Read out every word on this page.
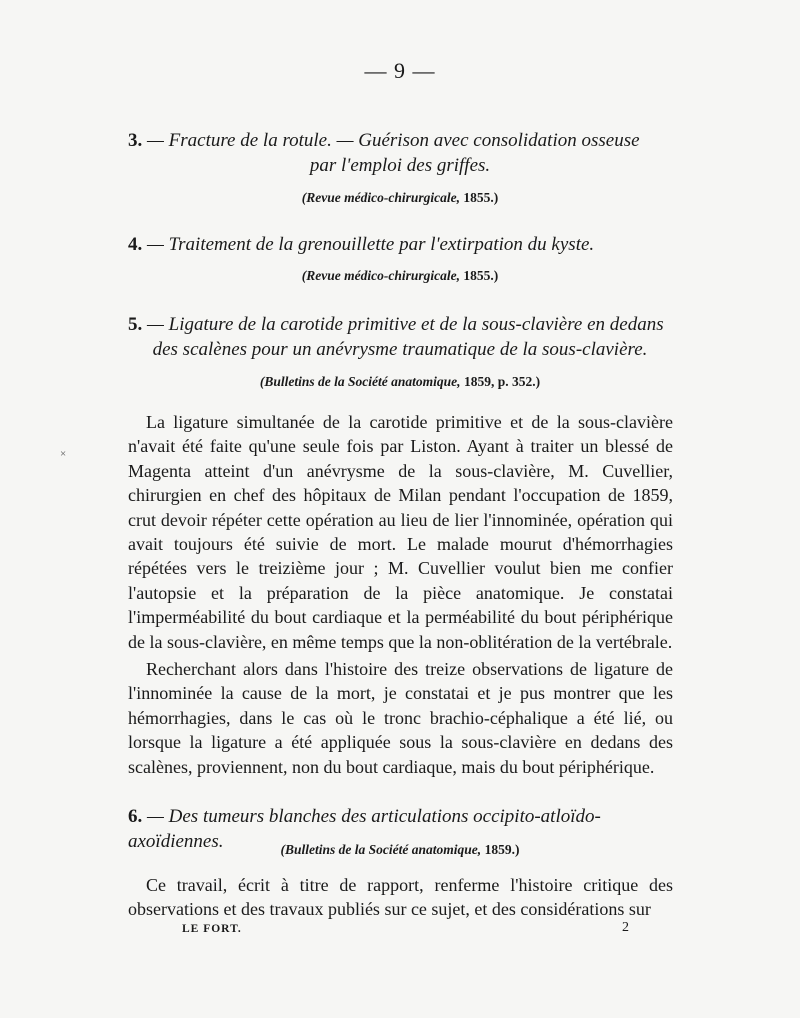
— 9 —
3. — Fracture de la rotule. — Guérison avec consolidation osseuse
par l'emploi des griffes.
(Revue médico-chirurgicale, 1855.)
4. — Traitement de la grenouillette par l'extirpation du kyste.
(Revue médico-chirurgicale, 1855.)
5. — Ligature de la carotide primitive et de la sous-clavière en dedans
des scalènes pour un anévrysme traumatique de la sous-clavière.
(Bulletins de la Société anatomique, 1859, p. 352.)

La ligature simultanée de la carotide primitive et de la sous-clavière n'avait été faite qu'une seule fois par Liston. Ayant à traiter un blessé de Magenta atteint d'un anévrysme de la sous-clavière, M. Cuvellier, chirurgien en chef des hôpitaux de Milan pendant l'occupation de 1859, crut devoir répéter cette opération au lieu de lier l'innominée, opération qui avait toujours été suivie de mort. Le malade mourut d'hémorrhagies répétées vers le treizième jour ; M. Cuvellier voulut bien me confier l'autopsie et la préparation de la pièce anatomique. Je constatai l'imperméabilité du bout cardiaque et la perméabilité du bout périphérique de la sous-clavière, en même temps que la non-oblitération de la vertébrale.

Recherchant alors dans l'histoire des treize observations de ligature de l'innominée la cause de la mort, je constatai et je pus montrer que les hémorrhagies, dans le cas où le tronc brachio-céphalique a été lié, ou lorsque la ligature a été appliquée sous la sous-clavière en dedans des scalènes, proviennent, non du bout cardiaque, mais du bout périphérique.

6. — Des tumeurs blanches des articulations occipito-atloïdo-axoïdiennes.	(Bulletins de la Société anatomique, 1859.)

Ce travail, écrit à titre de rapport, renferme l'histoire critique des observations et des travaux publiés sur ce sujet, et des considérations sur

LE FORT.	2
×
